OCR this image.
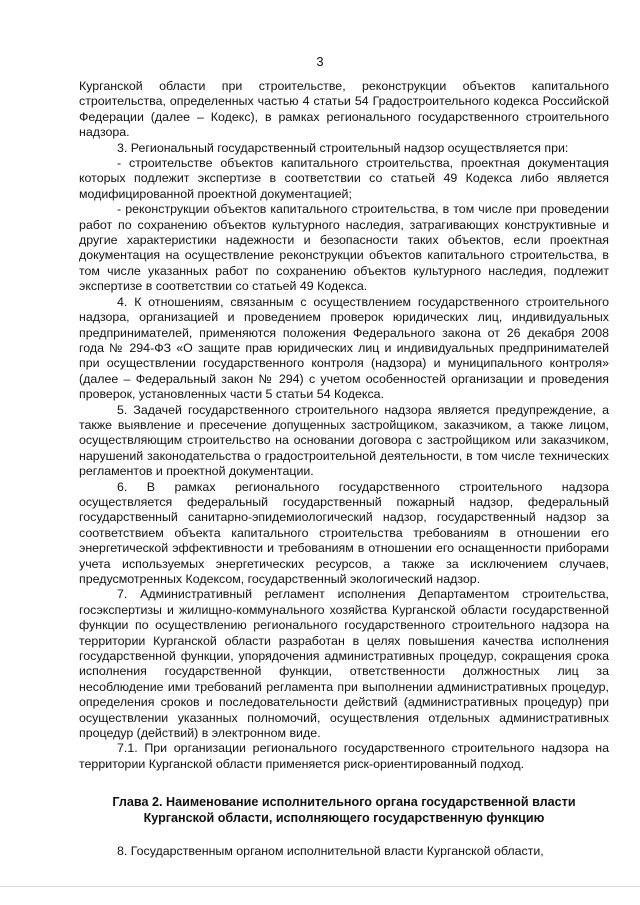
3

Курганской области при строительстве, реконструкции объектов капитального строительства, определенных частью 4 статьи 54 Градостроительного кодекса Российской Федерации (далее – Кодекс), в рамках регионального государственного строительного надзора.

3. Региональный государственный строительный надзор осуществляется при:

- строительстве объектов капитального строительства, проектная документация которых подлежит экспертизе в соответствии со статьей 49 Кодекса либо является модифицированной проектной документацией;

- реконструкции объектов капитального строительства, в том числе при проведении работ по сохранению объектов культурного наследия, затрагивающих конструктивные и другие характеристики надежности и безопасности таких объектов, если проектная документация на осуществление реконструкции объектов капитального строительства, в том числе указанных работ по сохранению объектов культурного наследия, подлежит экспертизе в соответствии со статьей 49 Кодекса.

4. К отношениям, связанным с осуществлением государственного строительного надзора, организацией и проведением проверок юридических лиц, индивидуальных предпринимателей, применяются положения Федерального закона от 26 декабря 2008 года № 294-ФЗ «О защите прав юридических лиц и индивидуальных предпринимателей при осуществлении государственного контроля (надзора) и муниципального контроля» (далее – Федеральный закон № 294) с учетом особенностей организации и проведения проверок, установленных части 5 статьи 54 Кодекса.

5. Задачей государственного строительного надзора является предупреждение, а также выявление и пресечение допущенных застройщиком, заказчиком, а также лицом, осуществляющим строительство на основании договора с застройщиком или заказчиком, нарушений законодательства о градостроительной деятельности, в том числе технических регламентов и проектной документации.

6. В рамках регионального государственного строительного надзора осуществляется федеральный государственный пожарный надзор, федеральный государственный санитарно-эпидемиологический надзор, государственный надзор за соответствием объекта капитального строительства требованиям в отношении его энергетической эффективности и требованиям в отношении его оснащенности приборами учета используемых энергетических ресурсов, а также за исключением случаев, предусмотренных Кодексом, государственный экологический надзор.

7. Административный регламент исполнения Департаментом строительства, госэкспертизы и жилищно-коммунального хозяйства Курганской области государственной функции по осуществлению регионального государственного строительного надзора на территории Курганской области разработан в целях повышения качества исполнения государственной функции, упорядочения административных процедур, сокращения срока исполнения государственной функции, ответственности должностных лиц за несоблюдение ими требований регламента при выполнении административных процедур, определения сроков и последовательности действий (административных процедур) при осуществлении указанных полномочий, осуществления отдельных административных процедур (действий) в электронном виде.

7.1. При организации регионального государственного строительного надзора на территории Курганской области применяется риск-ориентированный подход.

Глава 2. Наименование исполнительного органа государственной власти
Курганской области, исполняющего государственную функцию

8. Государственным органом исполнительной власти Курганской области,
